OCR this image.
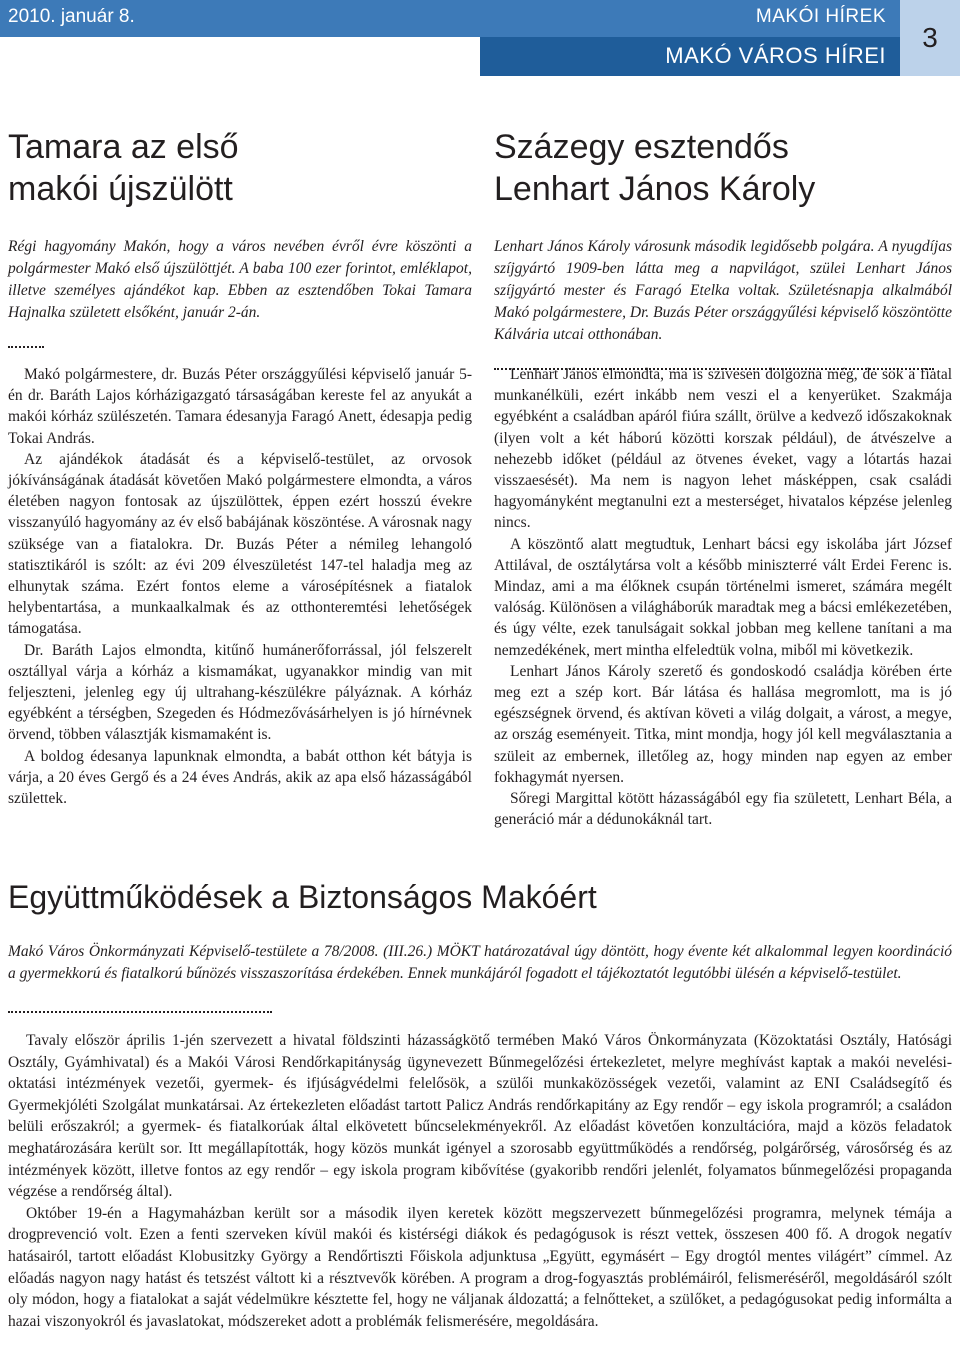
2010. január 8.	MAKÓI HÍREK
MAKÓ VÁROS HÍREI
3
Tamara az első
makói újszülött

Régi hagyomány Makón, hogy a város nevében évről évre köszönti a polgármester Makó első újszülöttjét. A baba 100 ezer forintot, emléklapot, illetve személyes ajándékot kap. Ebben az esztendőben Tokai Tamara Hajnalka született elsőként, január 2-án.

Makó polgármestere, dr. Buzás Péter országgyűlési képviselő január 5-én dr. Baráth Lajos kórházigazgató társaságában kereste fel az anyukát a makói kórház szülészetén. Tamara édesanyja Faragó Anett, édesapja pedig Tokai András.

Az ajándékok átadását és a képviselő-testület, az orvosok jókívánságának átadását követően Makó polgármestere elmondta, a város életében nagyon fontosak az újszülöttek, éppen ezért hosszú évekre visszanyúló hagyomány az év első babájának köszöntése. A városnak nagy szüksége van a fiatalokra. Dr. Buzás Péter a némileg lehangoló statisztikáról is szólt: az évi 209 élveszületést 147-tel haladja meg az elhunytak száma. Ezért fontos eleme a városépítésnek a fiatalok helybentartása, a munkaalkalmak és az otthonteremtési lehetőségek támogatása.

Dr. Baráth Lajos elmondta, kitűnő humánerőforrással, jól felszerelt osztállyal várja a kórház a kismamákat, ugyanakkor mindig van mit feljeszteni, jelenleg egy új ultrahang-készülékre pályáznak. A kórház egyébként a térségben, Szegeden és Hódmezővásárhelyen is jó hírnévnek örvend, többen választják kismamaként is.

A boldog édesanya lapunknak elmondta, a babát otthon két bátyja is várja, a 20 éves Gergő és a 24 éves András, akik az apa első házasságából születtek.

Százegy esztendős
Lenhart János Károly

Lenhart János Károly városunk második legidősebb polgára. A nyugdíjas szíjgyártó 1909-ben látta meg a napvilágot, szülei Lenhart János szíjgyártó mester és Faragó Etelka voltak. Születésnapja alkalmából Makó polgármestere, Dr. Buzás Péter országgyűlési képviselő köszöntötte Kálvária utcai otthonában.

Lenhart János elmondta, ma is szívesen dolgozna még, de sok a fiatal munkanélküli, ezért inkább nem veszi el a kenyerüket. Szakmája egyébként a családban apáról fiúra szállt, örülve a kedvező időszakoknak (ilyen volt a két háború közötti korszak például), de átvészelve a nehezebb időket (például az ötvenes éveket, vagy a lótartás hazai visszaesését). Ma nem is nagyon lehet másképpen, csak családi hagyományként megtanulni ezt a mesterséget, hivatalos képzése jelenleg nincs.

A köszöntő alatt megtudtuk, Lenhart bácsi egy iskolába járt József Attilával, de osztálytársa volt a később miniszterré vált Erdei Ferenc is. Mindaz, ami a ma élőknek csupán történelmi ismeret, számára megélt valóság. Különösen a világháborúk maradtak meg a bácsi emlékezetében, és úgy vélte, ezek tanulságait sokkal jobban meg kellene tanítani a ma nemzedékének, mert mintha elfeledtük volna, miből mi következik.

Lenhart János Károly szerető és gondoskodó családja körében érte meg ezt a szép kort. Bár látása és hallása megromlott, ma is jó egészségnek örvend, és aktívan követi a világ dolgait, a várost, a megye, az ország eseményeit. Titka, mint mondja, hogy jól kell megválasztania a szüleit az embernek, illetőleg az, hogy minden nap egyen az ember fokhagymát nyersen.

Sőregi Margittal kötött házasságából egy fia született, Lenhart Béla, a generáció már a dédunokáknál tart.

Együttműködések a Biztonságos Makóért

Makó Város Önkormányzati Képviselő-testülete a 78/2008. (III.26.) MÖKT határozatával úgy döntött, hogy évente két alkalommal legyen koordináció a gyermekkorú és fiatalkorú bűnözés visszaszorítása érdekében. Ennek munkájáról fogadott el tájékoztatót legutóbbi ülésén a képviselő-testület.

Tavaly először április 1-jén szervezett a hivatal földszinti házasságkötő termében Makó Város Önkormányzata (Közoktatási Osztály, Hatósági Osztály, Gyámhivatal) és a Makói Városi Rendőrkapitányság ügynevezett Bűnmegelőzési értekezletet, melyre meghívást kaptak a makói nevelési-oktatási intézmények vezetői, gyermek- és ifjúságvédelmi felelősök, a szülői munkaközösségek vezetői, valamint az ENI Családsegítő és Gyermekjóléti Szolgálat munkatársai. Az értekezleten előadást tartott Palicz András rendőrkapitány az Egy rendőr – egy iskola programról; a családon belüli erőszakról; a gyermek- és fiatalkorúak által elkövetett bűncselekményekről. Az előadást követően konzultációra, majd a közös feladatok meghatározására került sor. Itt megállapították, hogy közös munkát igényel a szorosabb együttműködés a rendőrség, polgárőrség, városőrség és az intézmények között, illetve fontos az egy rendőr – egy iskola program kibővítése (gyakoribb rendőri jelenlét, folyamatos bűnmegelőzési propaganda végzése a rendőrség által).

Október 19-én a Hagymaházban került sor a második ilyen keretek között megszervezett bűnmegelőzési programra, melynek témája a drogprevenció volt. Ezen a fenti szerveken kívül makói és kistérségi diákok és pedagógusok is részt vettek, összesen 400 fő. A drogok negatív hatásairól, tartott előadást Klobusitzky György a Rendőrtiszti Főiskola adjunktusa „Együtt, egymásért – Egy drogtól mentes világért” címmel. Az előadás nagyon nagy hatást és tetszést váltott ki a résztvevők körében. A program a drog-fogyasztás problémáiról, felismeréséről, megoldásáról szólt oly módon, hogy a fiatalokat a saját védelmükre késztette fel, hogy ne váljanak áldozattá; a felnőtteket, a szülőket, a pedagógusokat pedig informálta a hazai viszonyokról és javaslatokat, módszereket adott a problémák felismerésére, megoldására.
